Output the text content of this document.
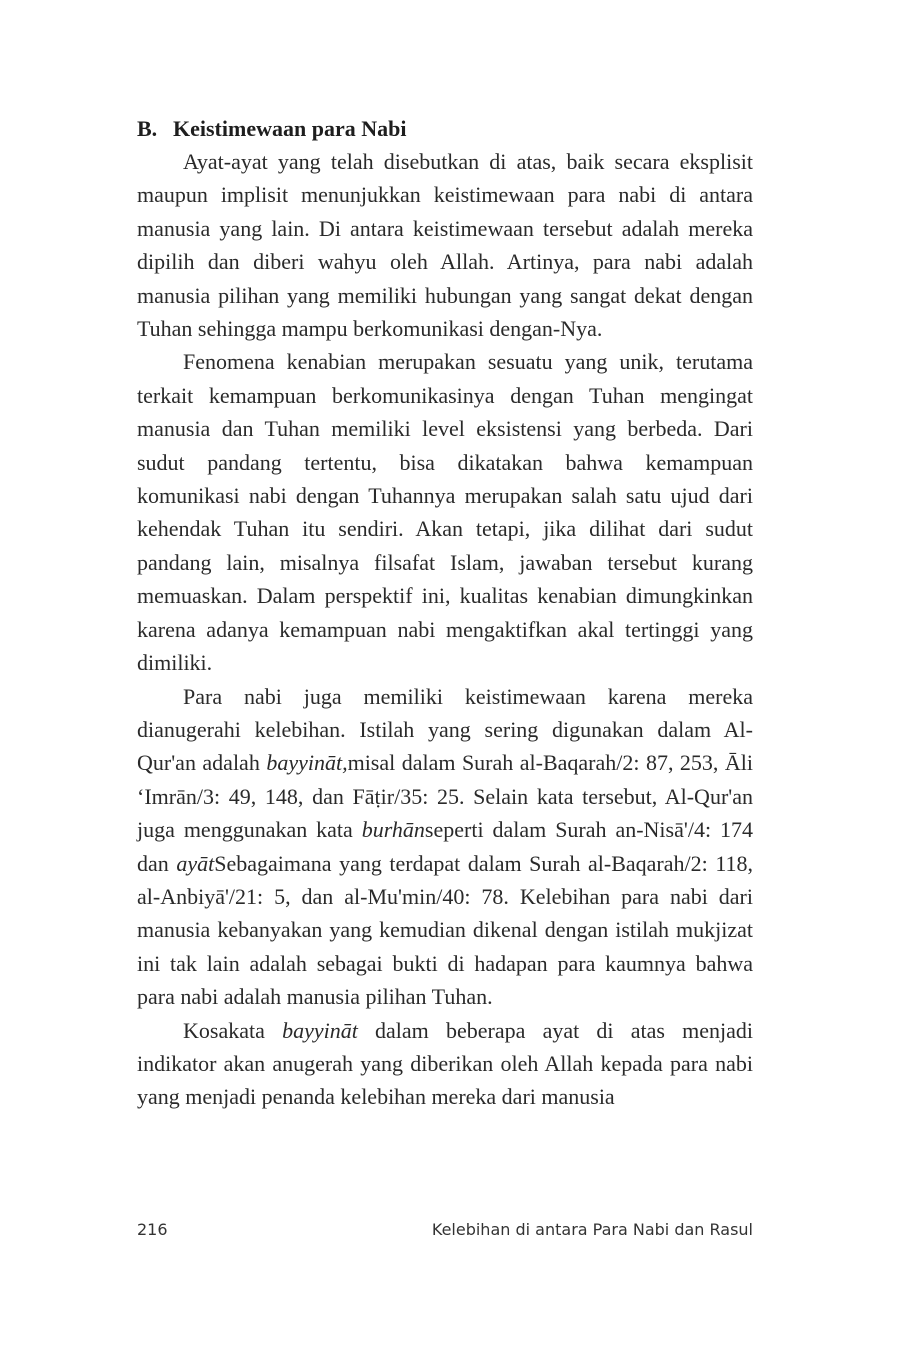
B. Keistimewaan para Nabi

Ayat-ayat yang telah disebutkan di atas, baik secara eksplisit maupun implisit menunjukkan keistimewaan para nabi di antara manusia yang lain. Di antara keistimewaan tersebut adalah mereka dipilih dan diberi wahyu oleh Allah. Artinya, para nabi adalah manusia pilihan yang memiliki hubungan yang sangat dekat dengan Tuhan sehingga mampu berkomunikasi dengan-Nya.

Fenomena kenabian merupakan sesuatu yang unik, terutama terkait kemampuan berkomunikasinya dengan Tuhan mengingat manusia dan Tuhan memiliki level eksistensi yang berbeda. Dari sudut pandang tertentu, bisa dikatakan bahwa kemampuan komunikasi nabi dengan Tuhannya merupakan salah satu ujud dari kehendak Tuhan itu sendiri. Akan tetapi, jika dilihat dari sudut pandang lain, misalnya filsafat Islam, jawaban tersebut kurang memuaskan. Dalam perspektif ini, kualitas kenabian dimungkinkan karena adanya kemampuan nabi mengaktifkan akal tertinggi yang dimiliki.

Para nabi juga memiliki keistimewaan karena mereka dianugerahi kelebihan. Istilah yang sering digunakan dalam Al-Qur'an adalah bayyināt,misal dalam Surah al-Baqarah/2: 87, 253, Āli ‘Imrān/3: 49, 148, dan Fāṭir/35: 25. Selain kata tersebut, Al-Qur'an juga menggunakan kata burhānseperti dalam Surah an-Nisā'/4: 174 dan ayātSebagaimana yang terdapat dalam Surah al-Baqarah/2: 118, al-Anbiyā'/21: 5, dan al-Mu'min/40: 78. Kelebihan para nabi dari manusia kebanyakan yang kemudian dikenal dengan istilah mukjizat ini tak lain adalah sebagai bukti di hadapan para kaumnya bahwa para nabi adalah manusia pilihan Tuhan.

Kosakata bayyināt dalam beberapa ayat di atas menjadi indikator akan anugerah yang diberikan oleh Allah kepada para nabi yang menjadi penanda kelebihan mereka dari manusia

216	Kelebihan di antara Para Nabi dan Rasul
